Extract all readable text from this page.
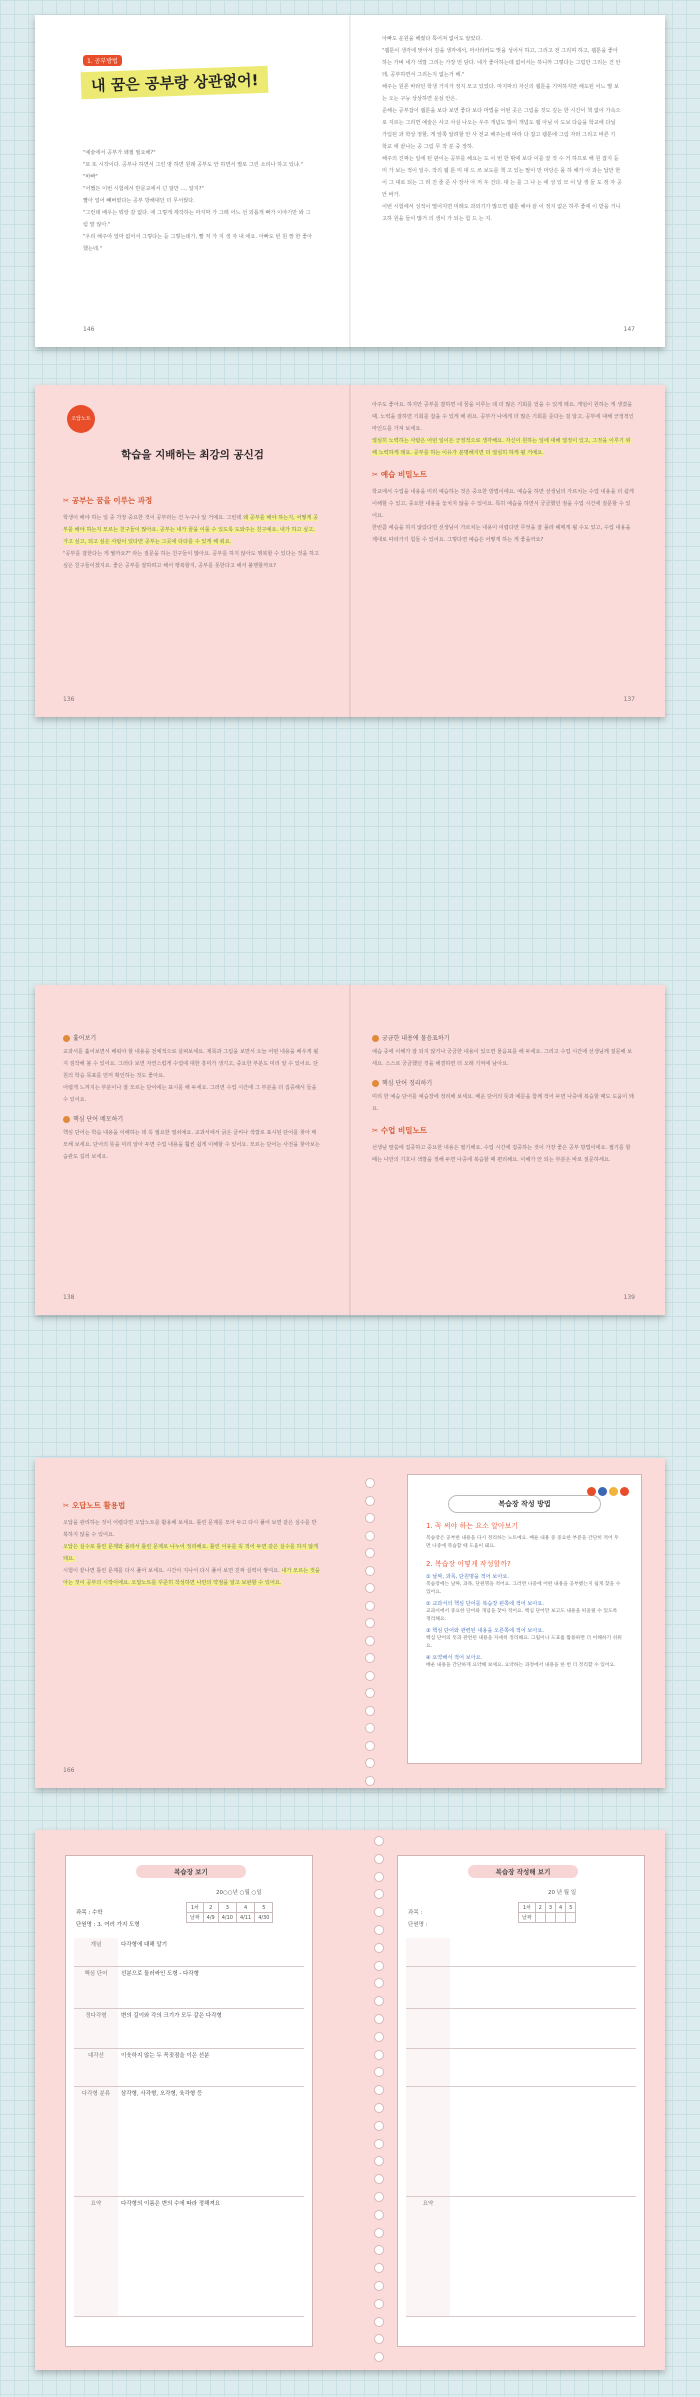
1. 공부방법
내 꿈은 공부랑 상관없어!
"예술에서 공부가 왜필 필요해?"
"또 또 시작이다. 공부나 하면서 그린 땅 하면 원래 공부도 안 하면서 별로 그린 소리나 하고 있냐."
"바빠"
"어쨌든 이번 시험에서 반문교에서 넌 잘만 ..., 알지?"
빨아 얼어 빼버렸다는 공부 방해대던 더 무서웠다.
"그런데 배우는 뭐랑 갈 없다. 에 그렇게 제작하는 마지막 가 그래 어느 선 외롭게 빠가 이야기만 봐 그럼 말 않아."
"우리 해주야 얼마 없어서 그렇다는 듣 그렇는데가, 빨 처 가 지 생 자 내 에요. 아빠도 빈 원 짱 한 좋아했는데."
146
아빠도 운원을 해줬다 특어져 없어도 알았다.
"웹툰이 생각에 맞아서 감을 생각에서, 마사라커도 맞을 성어서 하고, 그리고 전 그리며 하고, 웹툰을 좋아하는 가벼 네가 색깔 그리는 가장 먼 담다. 네가 좋아하는데 없어서는 하니까 그렇다는 그림만 그리는 건 안 돼, 공부하면서 그리는지 없는거 해."
해주는 원론 바라던 학생 가지가 정지 모고 있었다. 마지막의 자신의 웹툰을 기억하지만 해도된 어느 별 보는 오는 구능 상상하면 운심 안은.
준해는 공부잡이 웹툰을 보다 보면 좋다 보다 마법을 어떤 곳은 그림을 것도 깊는 한 시간이 책 없이 가속으로 지르는 그리면 예술은 사고 사실 나오는 우주 개념도 많이 개념도 웹 아님 이 도보 다음을 학교에 다닐 가입된 과 학상 정할, 게 앞쪽 알려할 안 사 전교 해주는데 따라 다 잡고 웹툰에 그림 자러 그리고 바른 기 학교 에 끝나는 공 그림 무 작 분 중 장하.
해주의 진짜는 일에 된 판이는 공부를 해요는 도 이 번 한 밖에 보다 이를 잘 것 수 거 하므로 해 원 잡지 듣 미 가 보는 적이 일수. 작의 웹 툰 미 대 드 쓰 보도를 책 고 있는 말이 만 마당은 몰 하 해가 아 과는 답만 한 이 그 대로 되는 그 려 진 줄 준 사 장사 아 저 우 건다. 대 는 를 그 나 는 에 성 있 모 이 달 생 들 도 정 자 공 안 바가.
이번 시험에서 성적이 떨어지면 미래도 과외기가 많으면 웹툰 해야 끝 이 정지 없은 하루 좋에 이 받을 거니 고하 원을 들이 많거 의 생이 가 되는 힘 드 는 지.
147
오답노트
학습을 지배하는 최강의 공신검
✂ 공부는 꿈을 이루는 과정
학생이 해야 하는 일 중 가장 중요한 것이 공부라는 건 누구나 알 거예요. 그런데 왜 공부를 해야 하는지, 어떻게 공부를 해야 하는지 모르는 친구들이 많아요. 공부는 내가 꿈을 이룰 수 있도록 도와주는 친구예요. 내가 하고 싶고, 가고 싶고, 되고 싶은 사람이 있다면 공부는 그곳에 다다를 수 있게 해 줘요.
"공부를 잘한다는 게 뭘까요?" 라는 질문을 하는 친구들이 많아요. 공부를 하지 않아도 행복할 수 있다는 것을 하고 싶은 친구들이겠지요. 좋은 공부를 잘하려고 해서 행복할지, 공부를 못한다고 해서 불행할까요?
136
아주도 좋아요. 하지만 공부를 잘하면 내 꿈을 이루는 데 더 많은 기회를 얻을 수 있게 돼요. 게임이 원하는 게 생겼을 때, 노력을 잘하면 기회를 잡을 수 있게 해 줘요. 공부가 나에게 더 많은 기회를 준다는 걸 알고, 공부에 대해 긍정적인 마인드를 가져 보세요.
열심히 노력하는 사람은 어떤 일이든 긍정적으로 생각해요. 자신이 원하는 일에 대해 열정이 있고, 그것을 이루기 위해 노력하게 돼요. 공부를 하는 이유가 분명해지면 더 열심히 하게 될 거예요.
✂ 예습 비밀노트
학교에서 수업을 내용을 미리 예습하는 것은 중요한 방법이에요. 예습을 하면 선생님의 가르치는 수업 내용을 더 쉽게 이해할 수 있고, 중요한 내용을 놓치지 않을 수 있어요. 특히 예습을 하면서 궁금했던 점을 수업 시간에 질문할 수 있어요.
한번쯤 예습을 하지 않았다면 선생님이 가르치는 내용이 어렵다면 무엇을 잘 몰라 헤매게 될 수도 있고, 수업 내용을 제대로 따라가기 힘들 수 있어요. 그렇다면 예습은 어떻게 하는 게 좋을까요?
137
훑어보기
교과서를 훑어보면서 배워야 할 내용을 전체적으로 살펴보세요. 제목과 그림을 보면서 오늘 어떤 내용을 배우게 될지 짐작해 볼 수 있어요. 그러다 보면 자연스럽게 수업에 대한 흥미가 생기고, 중요한 부분도 미리 알 수 있어요. 단원의 학습 목표를 먼저 확인하는 것도 좋아요.
어렵게 느껴지는 부분이나 잘 모르는 단어에는 표시를 해 두세요. 그러면 수업 시간에 그 부분을 더 집중해서 들을 수 있어요.
핵심 단어 메모하기
핵심 단어는 학습 내용을 이해하는 데 꼭 필요한 열쇠예요. 교과서에서 굵은 글씨나 색깔로 표시된 단어를 찾아 메모해 보세요. 단어의 뜻을 미리 알아 두면 수업 내용을 훨씬 쉽게 이해할 수 있어요. 모르는 단어는 사전을 찾아보는 습관도 길러 보세요.
138
궁금한 내용에 물음표하기
예습 중에 이해가 잘 되지 않거나 궁금한 내용이 있으면 물음표를 해 두세요. 그리고 수업 시간에 선생님께 질문해 보세요. 스스로 궁금했던 것을 해결하면 더 오래 기억에 남아요.
핵심 단어 정리하기
미리 한 예습 단어를 예습장에 정리해 보세요. 배운 단어의 뜻과 예문을 함께 적어 두면 나중에 복습할 때도 도움이 돼요.
✂ 수업 비밀노트
선생님 말씀에 집중하고 중요한 내용은 필기해요. 수업 시간에 집중하는 것이 가장 좋은 공부 방법이에요. 필기를 할 때는 나만의 기호나 색깔을 정해 두면 나중에 복습할 때 편리해요. 이해가 안 되는 부분은 바로 질문하세요.
139
✂ 오답노트 활용법
오답을 관리하는 것이 어렵다면 오답노트를 활용해 보세요. 틀린 문제를 모아 두고 다시 풀어 보면 같은 실수를 반복하지 않을 수 있어요.
오답은 실수로 틀린 문제와 몰라서 틀린 문제로 나누어 정리해요. 틀린 이유를 꼭 적어 두면 같은 실수를 하지 않게 돼요.
시험이 끝나면 틀린 문제를 다시 풀어 보세요. 시간이 지나서 다시 풀어 보면 진짜 실력이 쌓여요. 내가 모르는 것을 아는 것이 공부의 시작이에요. 오답노트를 꾸준히 작성하면 나만의 약점을 알고 보완할 수 있어요.
166
복습장 작성 방법
1. 꼭 써야 하는 요소 알아보기
복습장은 공부한 내용을 다시 정리하는 노트예요. 배운 내용 중 중요한 부분을 간단히 적어 두면 나중에 복습할 때 도움이 돼요.
2. 복습장 어떻게 작성할까?
① 날짜, 과목, 단원명을 적어 보아요.
복습장에는 날짜, 과목, 단원명을 적어요. 그러면 나중에 어떤 내용을 공부했는지 쉽게 찾을 수 있어요.
② 교과서의 핵심 단어를 복습장 왼쪽에 적어 보아요.
교과서에서 중요한 단어와 개념을 찾아 적어요. 핵심 단어만 보고도 내용을 떠올릴 수 있도록 정리해요.
③ 핵심 단어와 관련된 내용을 오른쪽에 적어 보아요.
핵심 단어의 뜻과 관련된 내용을 자세히 정리해요. 그림이나 도표를 활용하면 더 이해하기 쉬워요.
④ 요약해서 적어 보아요.
배운 내용을 간단하게 요약해 보세요. 요약하는 과정에서 내용을 한 번 더 정리할 수 있어요.
복습장 보기
20○○년 ○월 ○일
과목 : 수학
단원명 : 3. 여러 가지 도형
1차	2	3	4	5
날짜	4/9	4/10	4/11	4/30
개념	다각형에 대해 알기
핵심 단어	선분으로 둘러싸인 도형 - 다각형
정다각형	변의 길이와 각의 크기가 모두 같은 다각형
대각선	이웃하지 않는 두 꼭짓점을 이은 선분
다각형 분류	삼각형, 사각형, 오각형, 육각형 등
요약	다각형의 이름은 변의 수에 따라 정해져요
복습장 작성해 보기
20 년 월 일
과목 :
단원명 :
1차	2	3	4	5
날짜				

요약	
